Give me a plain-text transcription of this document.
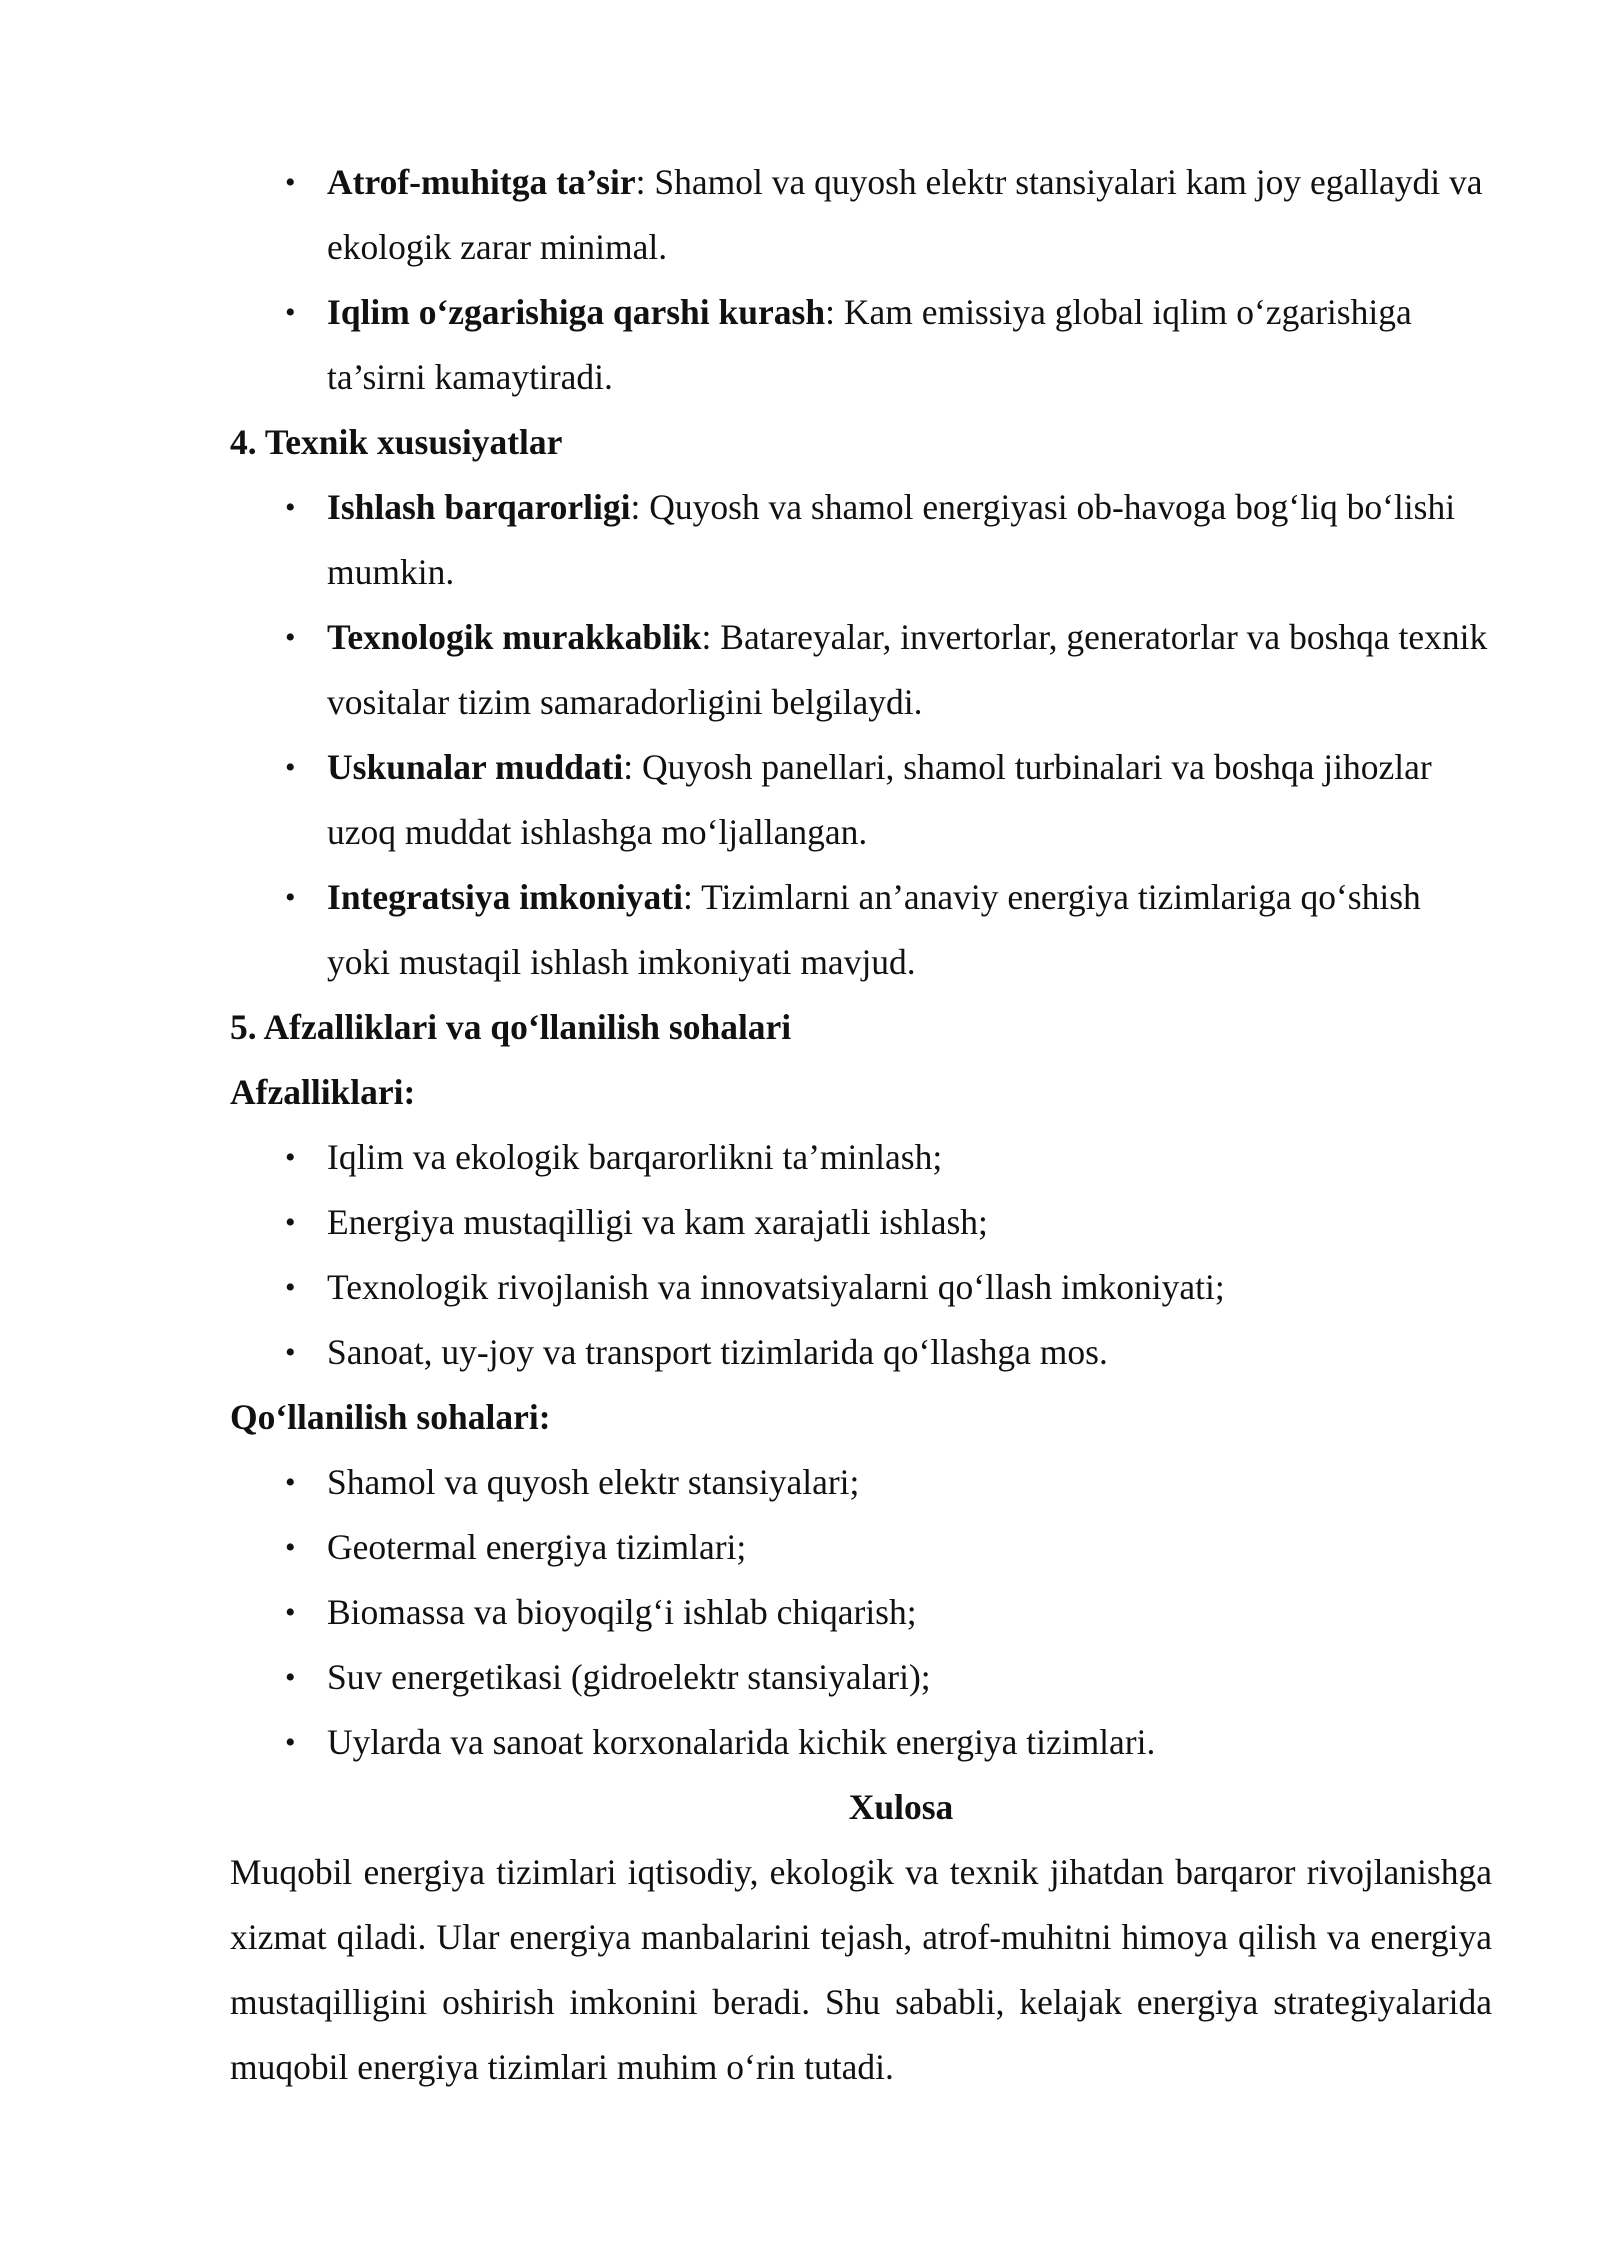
• Atrof-muhitga ta’sir: Shamol va quyosh elektr stansiyalari kam joy egallaydi va ekologik zarar minimal.
• Iqlim o‘zgarishiga qarshi kurash: Kam emissiya global iqlim o‘zgarishiga ta’sirni kamaytiradi.

4. Texnik xususiyatlar

• Ishlash barqarorligi: Quyosh va shamol energiyasi ob-havoga bog‘liq bo‘lishi mumkin.
• Texnologik murakkablik: Batareyalar, invertorlar, generatorlar va boshqa texnik vositalar tizim samaradorligini belgilaydi.
• Uskunalar muddati: Quyosh panellari, shamol turbinalari va boshqa jihozlar uzoq muddat ishlashga mo‘ljallangan.
• Integratsiya imkoniyati: Tizimlarni an’anaviy energiya tizimlariga qo‘shish yoki mustaqil ishlash imkoniyati mavjud.

5. Afzalliklari va qo‘llanilish sohalari

Afzalliklari:

• Iqlim va ekologik barqarorlikni ta’minlash;
• Energiya mustaqilligi va kam xarajatli ishlash;
• Texnologik rivojlanish va innovatsiyalarni qo‘llash imkoniyati;
• Sanoat, uy-joy va transport tizimlarida qo‘llashga mos.

Qo‘llanilish sohalari:

• Shamol va quyosh elektr stansiyalari;
• Geotermal energiya tizimlari;
• Biomassa va bioyoqilg‘i ishlab chiqarish;
• Suv energetikasi (gidroelektr stansiyalari);
• Uylarda va sanoat korxonalarida kichik energiya tizimlari.
Xulosa

Muqobil energiya tizimlari iqtisodiy, ekologik va texnik jihatdan barqaror rivojlanishga xizmat qiladi. Ular energiya manbalarini tejash, atrof-muhitni himoya qilish va energiya mustaqilligini oshirish imkonini beradi. Shu sababli, kelajak energiya strategiyalarida muqobil energiya tizimlari muhim o‘rin tutadi.
